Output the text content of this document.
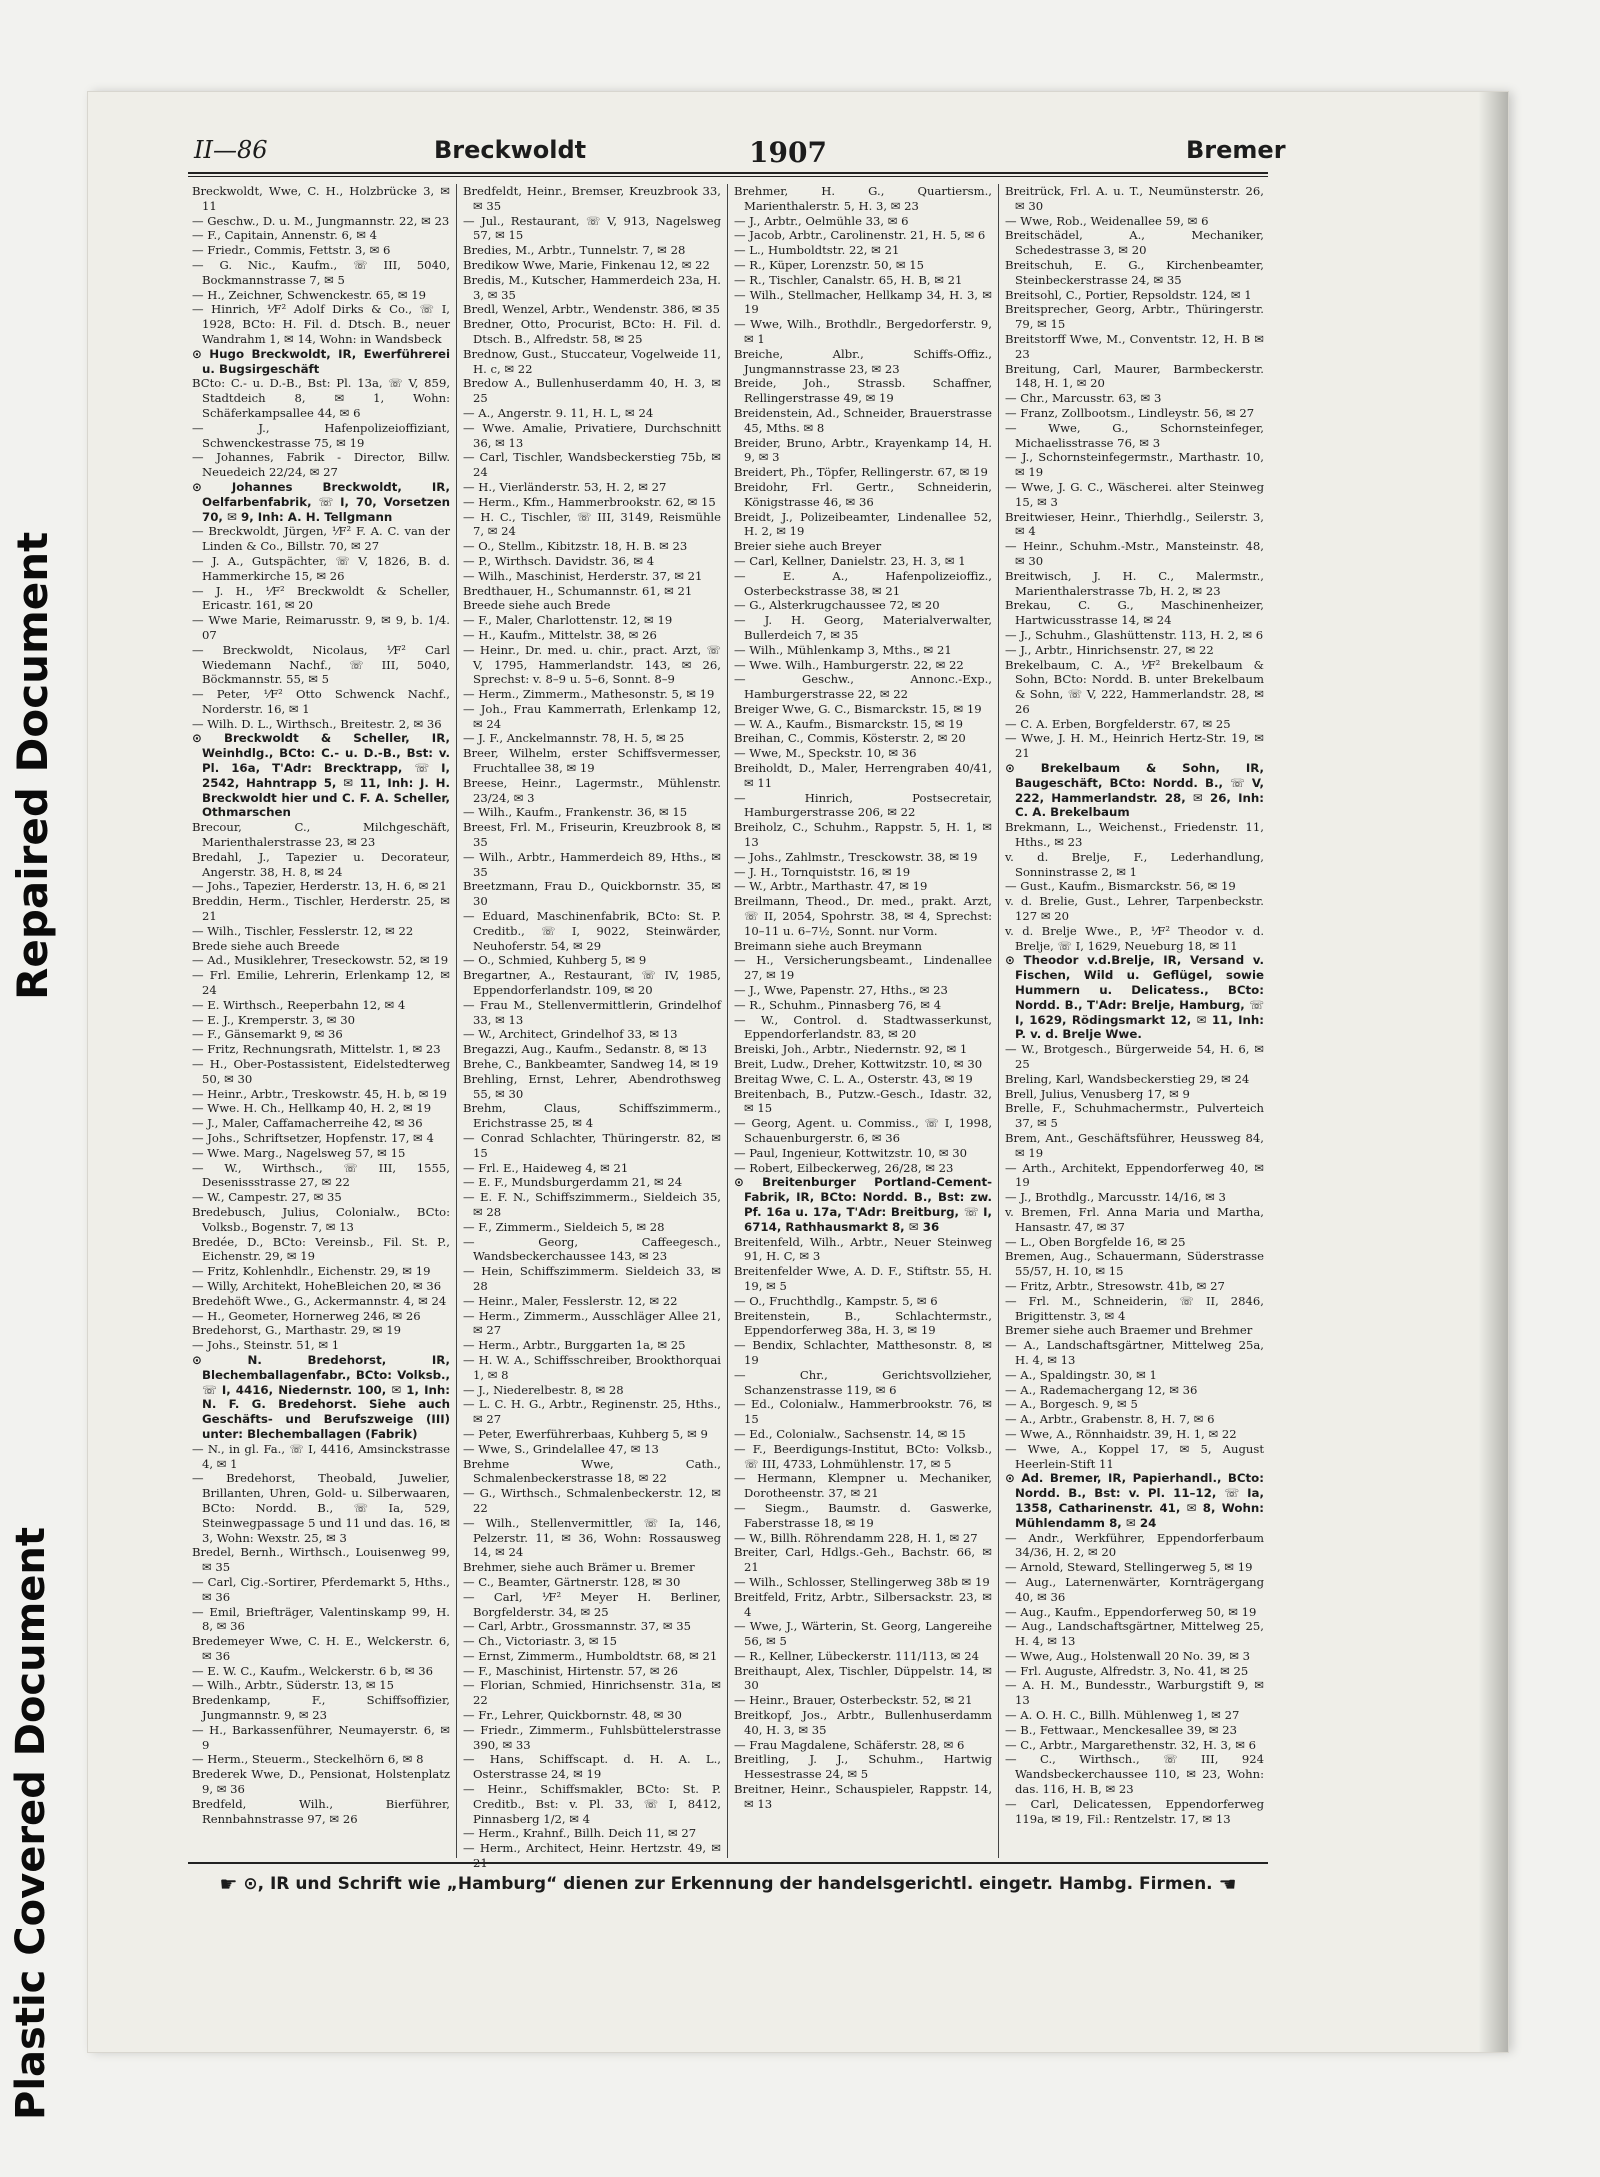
Repaired Document
Plastic Covered Document
II—86	Breckwoldt	1907	Bremer

Breckwoldt, Wwe, C. H., Holzbrücke 3, ✉ 11

— Geschw., D. u. M., Jungmannstr. 22, ✉ 23

— F., Capitain, Annenstr. 6, ✉ 4

— Friedr., Commis, Fettstr. 3, ✉ 6

— G. Nic., Kaufm., ☏ III, 5040, Bockmannstrasse 7, ✉ 5

— H., Zeichner, Schwenckestr. 65, ✉ 19

— Hinrich, ⅟F² Adolf Dirks & Co., ☏ I, 1928, BCto: H. Fil. d. Dtsch. B., neuer Wandrahm 1, ✉ 14, Wohn: in Wandsbeck

⊙ Hugo Breckwoldt, IR, Ewerführerei u. Bugsirgeschäft

BCto: C.- u. D.-B., Bst: Pl. 13a, ☏ V, 859, Stadtdeich 8, ✉ 1, Wohn: Schäferkampsallee 44, ✉ 6

— J., Hafenpolizeioffiziant, Schwenckestrasse 75, ✉ 19

— Johannes, Fabrik - Director, Billw. Neuedeich 22/24, ✉ 27

⊙ Johannes Breckwoldt, IR, Oelfarbenfabrik, ☏ I, 70, Vorsetzen 70, ✉ 9, Inh: A. H. Tellgmann

— Breckwoldt, Jürgen, ⅟F² F. A. C. van der Linden & Co., Billstr. 70, ✉ 27

— J. A., Gutspächter, ☏ V, 1826, B. d. Hammerkirche 15, ✉ 26

— J. H., ⅟F² Breckwoldt & Scheller, Ericastr. 161, ✉ 20

— Wwe Marie, Reimarusstr. 9, ✉ 9, b. 1/4. 07

— Breckwoldt, Nicolaus, ⅟F² Carl Wiedemann Nachf., ☏ III, 5040, Böckmannstr. 55, ✉ 5

— Peter, ⅟F² Otto Schwenck Nachf., Norderstr. 16, ✉ 1

— Wilh. D. L., Wirthsch., Breitestr. 2, ✉ 36

⊙ Breckwoldt & Scheller, IR, Weinhdlg., BCto: C.- u. D.-B., Bst: v. Pl. 16a, T'Adr: Brecktrapp, ☏ I, 2542, Hahntrapp 5, ✉ 11, Inh: J. H. Breckwoldt hier und C. F. A. Scheller, Othmarschen

Brecour, C., Milchgeschäft, Marienthalerstrasse 23, ✉ 23

Bredahl, J., Tapezier u. Decorateur, Angerstr. 38, H. 8, ✉ 24

— Johs., Tapezier, Herderstr. 13, H. 6, ✉ 21

Breddin, Herm., Tischler, Herderstr. 25, ✉ 21

— Wilh., Tischler, Fesslerstr. 12, ✉ 22

Brede siehe auch Breede

— Ad., Musiklehrer, Treseckowstr. 52, ✉ 19

— Frl. Emilie, Lehrerin, Erlenkamp 12, ✉ 24

— E. Wirthsch., Reeperbahn 12, ✉ 4

— E. J., Kremperstr. 3, ✉ 30

— F., Gänsemarkt 9, ✉ 36

— Fritz, Rechnungsrath, Mittelstr. 1, ✉ 23

— H., Ober-Postassistent, Eidelstedterweg 50, ✉ 30

— Heinr., Arbtr., Treskowstr. 45, H. b, ✉ 19

— Wwe. H. Ch., Hellkamp 40, H. 2, ✉ 19

— J., Maler, Caffamacherreihe 42, ✉ 36

— Johs., Schriftsetzer, Hopfenstr. 17, ✉ 4

— Wwe. Marg., Nagelsweg 57, ✉ 15

— W., Wirthsch., ☏ III, 1555, Desenissstrasse 27, ✉ 22

— W., Campestr. 27, ✉ 35

Bredebusch, Julius, Colonialw., BCto: Volksb., Bogenstr. 7, ✉ 13

Bredée, D., BCto: Vereinsb., Fil. St. P., Eichenstr. 29, ✉ 19

— Fritz, Kohlenhdlr., Eichenstr. 29, ✉ 19

— Willy, Architekt, HoheBleichen 20, ✉ 36

Bredehöft Wwe., G., Ackermannstr. 4, ✉ 24

— H., Geometer, Hornerweg 246, ✉ 26

Bredehorst, G., Marthastr. 29, ✉ 19

— Johs., Steinstr. 51, ✉ 1

⊙ N. Bredehorst, IR, Blechemballagenfabr., BCto: Volksb., ☏ I, 4416, Niedernstr. 100, ✉ 1, Inh: N. F. G. Bredehorst. Siehe auch Geschäfts- und Berufszweige (III) unter: Blechemballagen (Fabrik)

— N., in gl. Fa., ☏ I, 4416, Amsinckstrasse 4, ✉ 1

— Bredehorst, Theobald, Juwelier, Brillanten, Uhren, Gold- u. Silberwaaren, BCto: Nordd. B., ☏ Ia, 529, Steinwegpassage 5 und 11 und das. 16, ✉ 3, Wohn: Wexstr. 25, ✉ 3

Bredel, Bernh., Wirthsch., Louisenweg 99, ✉ 35

— Carl, Cig.-Sortirer, Pferdemarkt 5, Hths., ✉ 36

— Emil, Briefträger, Valentinskamp 99, H. 8, ✉ 36

Bredemeyer Wwe, C. H. E., Welckerstr. 6, ✉ 36

— E. W. C., Kaufm., Welckerstr. 6 b, ✉ 36

— Wilh., Arbtr., Süderstr. 13, ✉ 15

Bredenkamp, F., Schiffsoffizier, Jungmannstr. 9, ✉ 23

— H., Barkassenführer, Neumayerstr. 6, ✉ 9

— Herm., Steuerm., Steckelhörn 6, ✉ 8

Brederek Wwe, D., Pensionat, Holstenplatz 9, ✉ 36

Bredfeld, Wilh., Bierführer, Rennbahnstrasse 97, ✉ 26

Bredfeldt, Heinr., Bremser, Kreuzbrook 33, ✉ 35

— Jul., Restaurant, ☏ V, 913, Nagelsweg 57, ✉ 15

Bredies, M., Arbtr., Tunnelstr. 7, ✉ 28

Bredikow Wwe, Marie, Finkenau 12, ✉ 22

Bredis, M., Kutscher, Hammerdeich 23a, H. 3, ✉ 35

Bredl, Wenzel, Arbtr., Wendenstr. 386, ✉ 35

Bredner, Otto, Procurist, BCto: H. Fil. d. Dtsch. B., Alfredstr. 58, ✉ 25

Brednow, Gust., Stuccateur, Vogelweide 11, H. c, ✉ 22

Bredow A., Bullenhuserdamm 40, H. 3, ✉ 25

— A., Angerstr. 9. 11, H. L, ✉ 24

— Wwe. Amalie, Privatiere, Durchschnitt 36, ✉ 13

— Carl, Tischler, Wandsbeckerstieg 75b, ✉ 24

— H., Vierländerstr. 53, H. 2, ✉ 27

— Herm., Kfm., Hammerbrookstr. 62, ✉ 15

— H. C., Tischler, ☏ III, 3149, Reismühle 7, ✉ 24

— O., Stellm., Kibitzstr. 18, H. B. ✉ 23

— P., Wirthsch. Davidstr. 36, ✉ 4

— Wilh., Maschinist, Herderstr. 37, ✉ 21

Bredthauer, H., Schumannstr. 61, ✉ 21

Breede siehe auch Brede

— F., Maler, Charlottenstr. 12, ✉ 19

— H., Kaufm., Mittelstr. 38, ✉ 26

— Heinr., Dr. med. u. chir., pract. Arzt, ☏ V, 1795, Hammerlandstr. 143, ✉ 26, Sprechst: v. 8–9 u. 5–6, Sonnt. 8–9

— Herm., Zimmerm., Mathesonstr. 5, ✉ 19

— Joh., Frau Kammerrath, Erlenkamp 12, ✉ 24

— J. F., Anckelmannstr. 78, H. 5, ✉ 25

Breer, Wilhelm, erster Schiffsvermesser, Fruchtallee 38, ✉ 19

Breese, Heinr., Lagermstr., Mühlenstr. 23/24, ✉ 3

— Wilh., Kaufm., Frankenstr. 36, ✉ 15

Breest, Frl. M., Friseurin, Kreuzbrook 8, ✉ 35

— Wilh., Arbtr., Hammerdeich 89, Hths., ✉ 35

Breetzmann, Frau D., Quickbornstr. 35, ✉ 30

— Eduard, Maschinenfabrik, BCto: St. P. Creditb., ☏ I, 9022, Steinwärder, Neuhoferstr. 54, ✉ 29

— O., Schmied, Kuhberg 5, ✉ 9

Bregartner, A., Restaurant, ☏ IV, 1985, Eppendorferlandstr. 109, ✉ 20

— Frau M., Stellenvermittlerin, Grindelhof 33, ✉ 13

— W., Architect, Grindelhof 33, ✉ 13

Bregazzi, Aug., Kaufm., Sedanstr. 8, ✉ 13

Brehe, C., Bankbeamter, Sandweg 14, ✉ 19

Brehling, Ernst, Lehrer, Abendrothsweg 55, ✉ 30

Brehm, Claus, Schiffszimmerm., Erichstrasse 25, ✉ 4

— Conrad Schlachter, Thüringerstr. 82, ✉ 15

— Frl. E., Haideweg 4, ✉ 21

— E. F., Mundsburgerdamm 21, ✉ 24

— E. F. N., Schiffszimmerm., Sieldeich 35, ✉ 28

— F., Zimmerm., Sieldeich 5, ✉ 28

— Georg, Caffeegesch., Wandsbeckerchaussee 143, ✉ 23

— Hein, Schiffszimmerm. Sieldeich 33, ✉ 28

— Heinr., Maler, Fesslerstr. 12, ✉ 22

— Herm., Zimmerm., Ausschläger Allee 21, ✉ 27

— Herm., Arbtr., Burggarten 1a, ✉ 25

— H. W. A., Schiffsschreiber, Brookthorquai 1, ✉ 8

— J., Niederelbestr. 8, ✉ 28

— L. C. H. G., Arbtr., Reginenstr. 25, Hths., ✉ 27

— Peter, Ewerführerbaas, Kuhberg 5, ✉ 9

— Wwe, S., Grindelallee 47, ✉ 13

Brehme Wwe, Cath., Schmalenbeckerstrasse 18, ✉ 22

— G., Wirthsch., Schmalenbeckerstr. 12, ✉ 22

— Wilh., Stellenvermittler, ☏ Ia, 146, Pelzerstr. 11, ✉ 36, Wohn: Rossausweg 14, ✉ 24

Brehmer, siehe auch Brämer u. Bremer

— C., Beamter, Gärtnerstr. 128, ✉ 30

— Carl, ⅟F² Meyer H. Berliner, Borgfelderstr. 34, ✉ 25

— Carl, Arbtr., Grossmannstr. 37, ✉ 35

— Ch., Victoriastr. 3, ✉ 15

— Ernst, Zimmerm., Humboldtstr. 68, ✉ 21

— F., Maschinist, Hirtenstr. 57, ✉ 26

— Florian, Schmied, Hinrichsenstr. 31a, ✉ 22

— Fr., Lehrer, Quickbornstr. 48, ✉ 30

— Friedr., Zimmerm., Fuhlsbüttelerstrasse 390, ✉ 33

— Hans, Schiffscapt. d. H. A. L., Osterstrasse 24, ✉ 19

— Heinr., Schiffsmakler, BCto: St. P. Creditb., Bst: v. Pl. 33, ☏ I, 8412, Pinnasberg 1/2, ✉ 4

— Herm., Krahnf., Billh. Deich 11, ✉ 27

— Herm., Architect, Heinr. Hertzstr. 49, ✉

Brehmer, H. G., Quartiersm., Marienthalerstr. 5, H. 3, ✉ 23

— J., Arbtr., Oelmühle 33, ✉ 6

— Jacob, Arbtr., Carolinenstr. 21, H. 5, ✉ 6

— L., Humboldtstr. 22, ✉ 21

— R., Küper, Lorenzstr. 50, ✉ 15

— R., Tischler, Canalstr. 65, H. B, ✉ 21

— Wilh., Stellmacher, Hellkamp 34, H. 3, ✉ 19

— Wwe, Wilh., Brothdlr., Bergedorferstr. 9, ✉ 1

Breiche, Albr., Schiffs-Offiz., Jungmannstrasse 23, ✉ 23

Breide, Joh., Strassb. Schaffner, Rellingerstrasse 49, ✉ 19

Breidenstein, Ad., Schneider, Brauerstrasse 45, Mths. ✉ 8

Breider, Bruno, Arbtr., Krayenkamp 14, H. 9, ✉ 3

Breidert, Ph., Töpfer, Rellingerstr. 67, ✉ 19

Breidohr, Frl. Gertr., Schneiderin, Königstrasse 46, ✉ 36

Breidt, J., Polizeibeamter, Lindenallee 52, H. 2, ✉ 19

Breier siehe auch Breyer

— Carl, Kellner, Danielstr. 23, H. 3, ✉ 1

— E. A., Hafenpolizeioffiz., Osterbeckstrasse 38, ✉ 21

— G., Alsterkrugchaussee 72, ✉ 20

— J. H. Georg, Materialverwalter, Bullerdeich 7, ✉ 35

— Wilh., Mühlenkamp 3, Mths., ✉ 21

— Wwe. Wilh., Hamburgerstr. 22, ✉ 22

— Geschw., Annonc.-Exp., Hamburgerstrasse 22, ✉ 22

Breiger Wwe, G. C., Bismarckstr. 15, ✉ 19

— W. A., Kaufm., Bismarckstr. 15, ✉ 19

Breihan, C., Commis, Kösterstr. 2, ✉ 20

— Wwe, M., Speckstr. 10, ✉ 36

Breiholdt, D., Maler, Herrengraben 40/41, ✉ 11

— Hinrich, Postsecretair, Hamburgerstrasse 206, ✉ 22

Breiholz, C., Schuhm., Rappstr. 5, H. 1, ✉ 13

— Johs., Zahlmstr., Tresckowstr. 38, ✉ 19

— J. H., Tornquiststr. 16, ✉ 19

— W., Arbtr., Marthastr. 47, ✉ 19

Breilmann, Theod., Dr. med., prakt. Arzt, ☏ II, 2054, Spohrstr. 38, ✉ 4, Sprechst: 10–11 u. 6–7½, Sonnt. nur Vorm.

Breimann siehe auch Breymann

— H., Versicherungsbeamt., Lindenallee 27, ✉ 19

— J., Wwe, Papenstr. 27, Hths., ✉ 23

— R., Schuhm., Pinnasberg 76, ✉ 4

— W., Control. d. Stadtwasserkunst, Eppendorferlandstr. 83, ✉ 20

Breiski, Joh., Arbtr., Niedernstr. 92, ✉ 1

Breit, Ludw., Dreher, Kottwitzstr. 10, ✉ 30

Breitag Wwe, C. L. A., Osterstr. 43, ✉ 19

Breitenbach, B., Putzw.-Gesch., Idastr. 32, ✉ 15

— Georg, Agent. u. Commiss., ☏ I, 1998, Schauenburgerstr. 6, ✉ 36

— Paul, Ingenieur, Kottwitzstr. 10, ✉ 30

— Robert, Eilbeckerweg, 26/28, ✉ 23

⊙ Breitenburger Portland-Cement-Fabrik, IR, BCto: Nordd. B., Bst: zw. Pf. 16a u. 17a, T'Adr: Breitburg, ☏ I, 6714, Rathhausmarkt 8, ✉ 36

Breitenfeld, Wilh., Arbtr., Neuer Steinweg 91, H. C, ✉ 3

Breitenfelder Wwe, A. D. F., Stiftstr. 55, H. 19, ✉ 5

— O., Fruchthdlg., Kampstr. 5, ✉ 6

Breitenstein, B., Schlachtermstr., Eppendorferweg 38a, H. 3, ✉ 19

— Bendix, Schlachter, Matthesonstr. 8, ✉ 19

— Chr., Gerichtsvollzieher, Schanzenstrasse 119, ✉ 6

— Ed., Colonialw., Hammerbrookstr. 76, ✉ 15

— Ed., Colonialw., Sachsenstr. 14, ✉ 15

— F., Beerdigungs-Institut, BCto: Volksb., ☏ III, 4733, Lohmühlenstr. 17, ✉ 5

— Hermann, Klempner u. Mechaniker, Dorotheenstr. 37, ✉ 21

— Siegm., Baumstr. d. Gaswerke, Faberstrasse 18, ✉ 19

— W., Billh. Röhrendamm 228, H. 1, ✉ 27

Breiter, Carl, Hdlgs.-Geh., Bachstr. 66, ✉ 21

— Wilh., Schlosser, Stellingerweg 38b ✉ 19

Breitfeld, Fritz, Arbtr., Silbersackstr. 23, ✉ 4

— Wwe, J., Wärterin, St. Georg, Langereihe 56, ✉ 5

— R., Kellner, Lübeckerstr. 111/113, ✉ 24

Breithaupt, Alex, Tischler, Düppelstr. 14, ✉ 30

— Heinr., Brauer, Osterbeckstr. 52, ✉ 21

Breitkopf, Jos., Arbtr., Bullenhuserdamm 40, H. 3, ✉ 35

— Frau Magdalene, Schäferstr. 28, ✉ 6

Breitling, J. J., Schuhm., Hartwig Hessestrasse 24, ✉ 5

Breitner, Heinr., Schauspieler, Rappstr. 14, ✉ 13

Breitrück, Frl. A. u. T., Neumünsterstr. 26, ✉ 30

— Wwe, Rob., Weidenallee 59, ✉ 6

Breitschädel, A., Mechaniker, Schedestrasse 3, ✉ 20

Breitschuh, E. G., Kirchenbeamter, Steinbeckerstrasse 24, ✉ 35

Breitsohl, C., Portier, Repsoldstr. 124, ✉ 1

Breitsprecher, Georg, Arbtr., Thüringerstr. 79, ✉ 15

Breitstorff Wwe, M., Conventstr. 12, H. B ✉ 23

Breitung, Carl, Maurer, Barmbeckerstr. 148, H. 1, ✉ 20

— Chr., Marcusstr. 63, ✉ 3

— Franz, Zollbootsm., Lindleystr. 56, ✉ 27

— Wwe, G., Schornsteinfeger, Michaelisstrasse 76, ✉ 3

— J., Schornsteinfegermstr., Marthastr. 10, ✉ 19

— Wwe, J. G. C., Wäscherei. alter Steinweg 15, ✉ 3

Breitwieser, Heinr., Thierhdlg., Seilerstr. 3, ✉ 4

— Heinr., Schuhm.-Mstr., Mansteinstr. 48, ✉ 30

Breitwisch, J. H. C., Malermstr., Marienthalerstrasse 7b, H. 2, ✉ 23

Brekau, C. G., Maschinenheizer, Hartwicusstrasse 14, ✉ 24

— J., Schuhm., Glashüttenstr. 113, H. 2, ✉ 6

— J., Arbtr., Hinrichsenstr. 27, ✉ 22

Brekelbaum, C. A., ⅟F² Brekelbaum & Sohn, BCto: Nordd. B. unter Brekelbaum & Sohn, ☏ V, 222, Hammerlandstr. 28, ✉ 26

— C. A. Erben, Borgfelderstr. 67, ✉ 25

— Wwe, J. H. M., Heinrich Hertz-Str. 19, ✉ 21

⊙ Brekelbaum & Sohn, IR, Baugeschäft, BCto: Nordd. B., ☏ V, 222, Hammerlandstr. 28, ✉ 26, Inh: C. A. Brekelbaum

Brekmann, L., Weichenst., Friedenstr. 11, Hths., ✉ 23

v. d. Brelje, F., Lederhandlung, Sonninstrasse 2, ✉ 1

— Gust., Kaufm., Bismarckstr. 56, ✉ 19

v. d. Brelie, Gust., Lehrer, Tarpenbeckstr. 127 ✉ 20

v. d. Brelje Wwe., P., ⅟F² Theodor v. d. Brelje, ☏ I, 1629, Neueburg 18, ✉ 11

⊙ Theodor v.d.Brelje, IR, Versand v. Fischen, Wild u. Geflügel, sowie Hummern u. Delicatess., BCto: Nordd. B., T'Adr: Brelje, Hamburg, ☏ I, 1629, Rödingsmarkt 12, ✉ 11, Inh: P. v. d. Brelje Wwe.

— W., Brotgesch., Bürgerweide 54, H. 6, ✉ 25

Breling, Karl, Wandsbeckerstieg 29, ✉ 24

Brell, Julius, Venusberg 17, ✉ 9

Brelle, F., Schuhmachermstr., Pulverteich 37, ✉ 5

Brem, Ant., Geschäftsführer, Heussweg 84, ✉ 19

— Arth., Architekt, Eppendorferweg 40, ✉ 19

— J., Brothdlg., Marcusstr. 14/16, ✉ 3

v. Bremen, Frl. Anna Maria und Martha, Hansastr. 47, ✉ 37

— L., Oben Borgfelde 16, ✉ 25

Bremen, Aug., Schauermann, Süderstrasse 55/57, H. 10, ✉ 15

— Fritz, Arbtr., Stresowstr. 41b, ✉ 27

— Frl. M., Schneiderin, ☏ II, 2846, Brigittenstr. 3, ✉ 4

Bremer siehe auch Braemer und Brehmer

— A., Landschaftsgärtner, Mittelweg 25a, H. 4, ✉ 13

— A., Spaldingstr. 30, ✉ 1

— A., Rademachergang 12, ✉ 36

— A., Borgesch. 9, ✉ 5

— A., Arbtr., Grabenstr. 8, H. 7, ✉ 6

— Wwe, A., Rönnhaidstr. 39, H. 1, ✉ 22

— Wwe, A., Koppel 17, ✉ 5, August Heerlein-Stift 11

⊙ Ad. Bremer, IR, Papierhandl., BCto: Nordd. B., Bst: v. Pl. 11–12, ☏ Ia, 1358, Catharinenstr. 41, ✉ 8, Wohn: Mühlendamm 8, ✉ 24

— Andr., Werkführer, Eppendorferbaum 34/36, H. 2, ✉ 20

— Arnold, Steward, Stellingerweg 5, ✉ 19

— Aug., Laternenwärter, Kornträgergang 40, ✉ 36

— Aug., Kaufm., Eppendorferweg 50, ✉ 19

— Aug., Landschaftsgärtner, Mittelweg 25, H. 4, ✉ 13

— Wwe, Aug., Holstenwall 20 No. 39, ✉ 3

— Frl. Auguste, Alfredstr. 3, No. 41, ✉ 25

— A. H. M., Bundesstr., Warburgstift 9, ✉ 13

— A. O. H. C., Billh. Mühlenweg 1, ✉ 27

— B., Fettwaar., Menckesallee 39, ✉ 23

— C., Arbtr., Margarethenstr. 32, H. 3, ✉ 6

— C., Wirthsch., ☏ III, 924 Wandsbeckerchaussee 110, ✉ 23, Wohn: das. 116, H. B, ✉ 23

— Carl, Delicatessen, Eppendorferweg 119a, ✉ 19, Fil.: Rentzelstr. 17, ✉ 13

☛ ⊙, IR und Schrift wie „Hamburg“ dienen zur Erkennung der handelsgerichtl. eingetr. Hambg. Firmen. ☚
